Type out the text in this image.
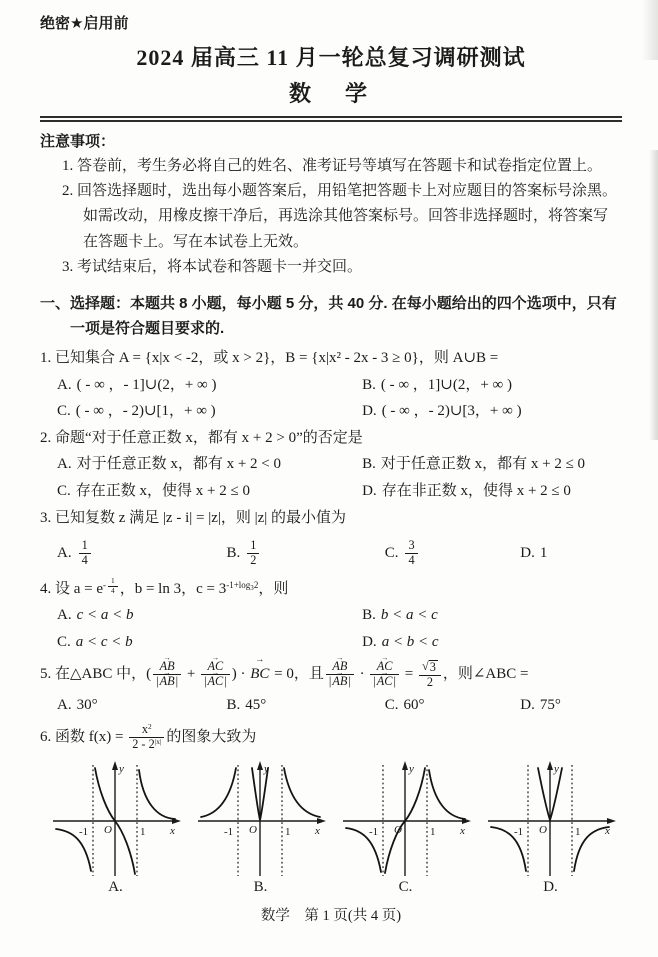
绝密★启用前
2024 届高三 11 月一轮总复习调研测试
数　学
注意事项：
1. 答卷前，考生务必将自己的姓名、准考证号等填写在答题卡和试卷指定位置上。
2. 回答选择题时，选出每小题答案后，用铅笔把答题卡上对应题目的答案标号涂黑。如需改动，用橡皮擦干净后，再选涂其他答案标号。回答非选择题时，将答案写在答题卡上。写在本试卷上无效。
3. 考试结束后，将本试卷和答题卡一并交回。
一、选择题：本题共 8 小题，每小题 5 分，共 40 分. 在每小题给出的四个选项中，只有一项是符合题目要求的.
1. 已知集合 A = {x|x < -2，或 x > 2}，B = {x|x² - 2x - 3 ≥ 0}，则 A∪B =
A. ( - ∞ ，- 1]∪(2，+ ∞ )	B. ( - ∞ ，1]∪(2，+ ∞ )
C. ( - ∞ ，- 2)∪[1，+ ∞ )	D. ( - ∞ ，- 2)∪[3，+ ∞ )
2. 命题“对于任意正数 x，都有 x + 2 > 0”的否定是
A. 对于任意正数 x，都有 x + 2 < 0	B. 对于任意正数 x，都有 x + 2 ≤ 0
C. 存在正数 x，使得 x + 2 ≤ 0	D. 存在非正数 x，使得 x + 2 ≤ 0
3. 已知复数 z 满足 |z - i| = |z|，则 |z| 的最小值为
A. $\frac{1}{4}$	B. $\frac{1}{2}$	C. $\frac{3}{4}$	D. 1
4. 设 $a = e^{- \frac{1}{4}}$ ，b = ln 3，$c = 3^{-1+log_32}$，则
A. c < a < b	B. b < a < c
C. a < c < b	D. a < b < c
5. 在△ABC 中，( → $\frac{AB}{|\to AB|}$ + → $\frac{AC}{|\to AC|}$ ) · → BC = 0，且 → $\frac{AB}{|\to AB|}$ · → $\frac{AC}{|\to AC|} = \frac{√ 3}{2}$ ，则∠ABC =
A. 30°	B. 45°	C. 60°	D. 75°
6. 函数 $f(x) = \frac{x^2}{2 - 2^{|x|}}$ 的图象大致为
y
x
O
-1	1
A.
y
x
O
-1	1
B.
y
x
O
-1	1
C.
y
x
O
-1	1
D.
数学　第 1 页(共 4 页)
